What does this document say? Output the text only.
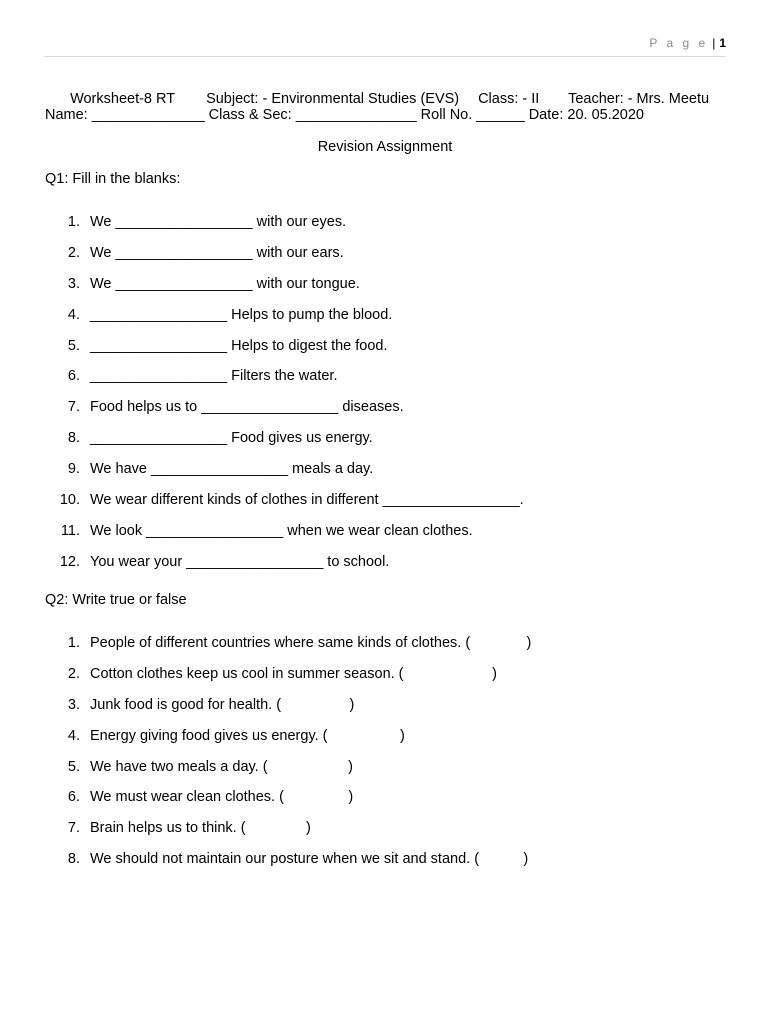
P a g e | 1

Worksheet-8 RT Subject: - Environmental Studies (EVS) Class: - II Teacher: - Mrs. Meetu

Name: ______________ Class & Sec: _______________ Roll No. ______ Date: 20. 05.2020
Revision Assignment
Q1: Fill in the blanks:
1. We _________________ with our eyes.
2. We _________________ with our ears.
3. We _________________ with our tongue.
4. _________________ Helps to pump the blood.
5. _________________ Helps to digest the food.
6. _________________ Filters the water.
7. Food helps us to _________________ diseases.
8. _________________ Food gives us energy.
9. We have _________________ meals a day.
10. We wear different kinds of clothes in different _________________.
11. We look _________________ when we wear clean clothes.
12. You wear your _________________ to school.
Q2: Write true or false
1. People of different countries where same kinds of clothes. (              )
2. Cotton clothes keep us cool in summer season. (                      )
3. Junk food is good for health. (                 )
4. Energy giving food gives us energy. (                  )
5. We have two meals a day. (                    )
6. We must wear clean clothes. (                )
7. Brain helps us to think. (               )
8. We should not maintain our posture when we sit and stand. (           )
